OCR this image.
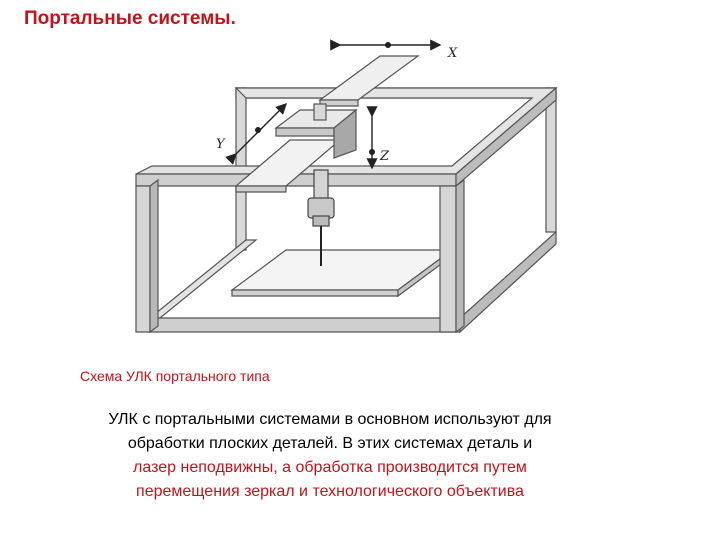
Портальные системы.
X
Y
Z
Схема УЛК портального типа
УЛК с портальными системами в основном используют для
обработки плоских деталей. В этих системах деталь и
лазер неподвижны, а обработка производится путем
перемещения зеркал и технологического объектива
